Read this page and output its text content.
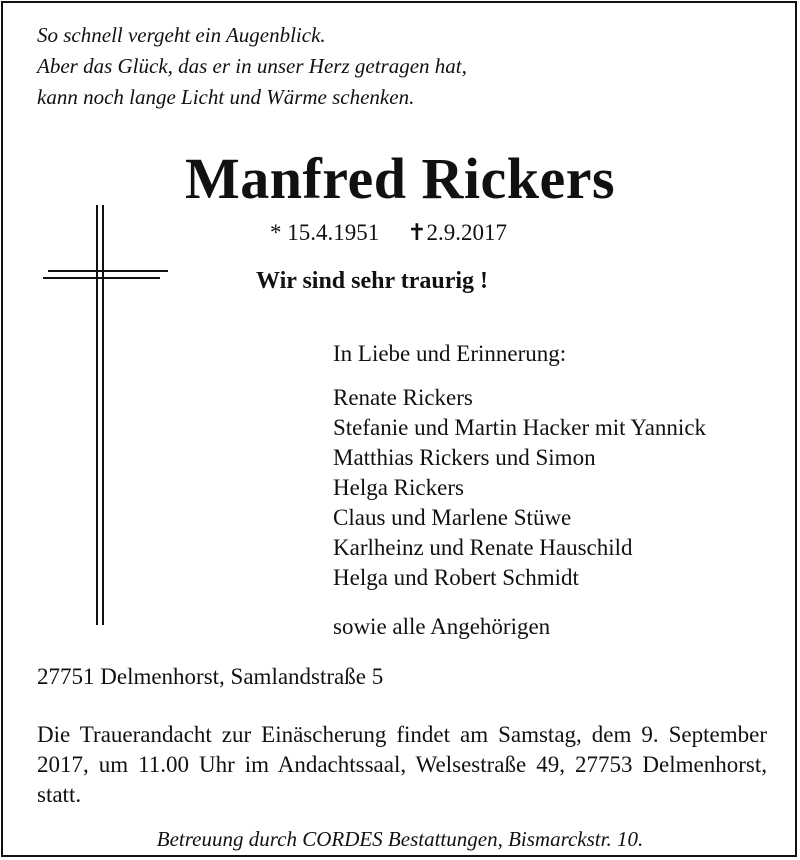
So schnell vergeht ein Augenblick.
Aber das Glück, das er in unser Herz getragen hat,
kann noch lange Licht und Wärme schenken.
Manfred Rickers
* 15.4.1951 ✝2.9.2017
Wir sind sehr traurig !
In Liebe und Erinnerung:
Renate Rickers
Stefanie und Martin Hacker mit Yannick
Matthias Rickers und Simon
Helga Rickers
Claus und Marlene Stüwe
Karlheinz und Renate Hauschild
Helga und Robert Schmidt
sowie alle Angehörigen
27751 Delmenhorst, Samlandstraße 5
Die Trauerandacht zur Einäscherung findet am Samstag, dem 9. September 2017, um 11.00 Uhr im Andachtssaal, Welsestraße 49, 27753 Delmenhorst, statt.
Betreuung durch CORDES Bestattungen, Bismarckstr. 10.
